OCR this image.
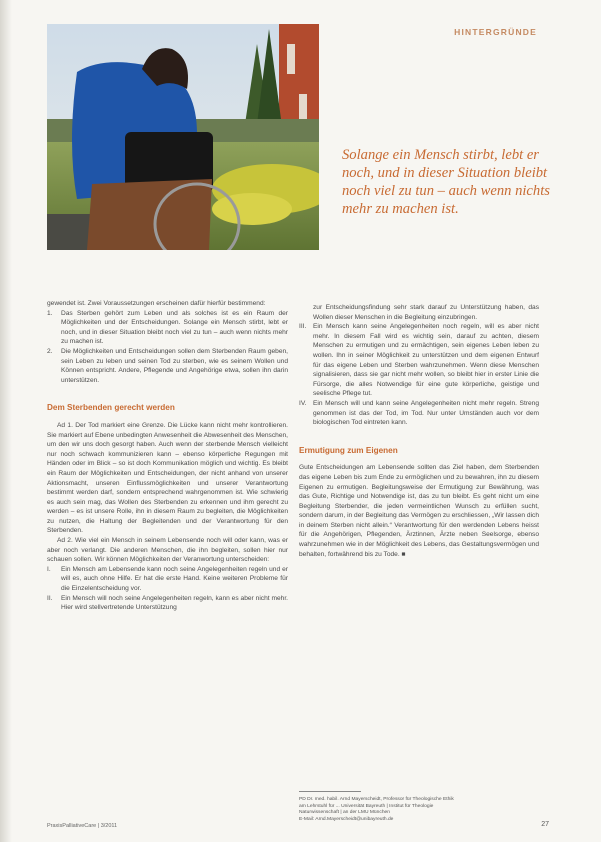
HINTERGRÜNDE
Solange ein Mensch stirbt, lebt er noch, und in dieser Situation bleibt noch viel zu tun – auch wenn nichts mehr zu machen ist.

gewendet ist. Zwei Voraussetzungen erscheinen dafür hierfür bestimmend:

1. Das Sterben gehört zum Leben und als solches ist es ein Raum der Möglichkeiten und der Entscheidungen. Solange ein Mensch stirbt, lebt er noch, und in dieser Situation bleibt noch viel zu tun – auch wenn nichts mehr zu machen ist.
2. Die Möglichkeiten und Entscheidungen sollen dem Sterbenden Raum geben, sein Leben zu leben und seinen Tod zu sterben, wie es seinem Wollen und Können entspricht. Andere, Pflegende und Angehörige etwa, sollen ihn darin unterstützen.
Dem Sterbenden gerecht werden

Ad 1. Der Tod markiert eine Grenze. Die Lücke kann nicht mehr kontrollieren. Sie markiert auf Ebene unbedingten Anwesenheit die Abwesenheit des Menschen, um den wir uns doch gesorgt haben. Auch wenn der sterbende Mensch vielleicht nur noch schwach kommunizieren kann – ebenso körperliche Regungen mit Händen oder im Blick – so ist doch Kommunikation möglich und wichtig. Es bleibt ein Raum der Möglichkeiten und Entscheidungen, der nicht anhand von unserer Aktionsmacht, unseren Einflussmöglichkeiten und unserer Verantwortung bestimmt werden darf, sondern entsprechend wahrgenommen ist. Wie schwierig es auch sein mag, das Wollen des Sterbenden zu erkennen und ihm gerecht zu werden – es ist unsere Rolle, ihn in diesem Raum zu begleiten, die Möglichkeiten zu nutzen, die Haltung der Begleitenden und der Verantwortung für den Sterbenden.

Ad 2. Wie viel ein Mensch in seinem Lebensende noch will oder kann, was er aber noch verlangt. Die anderen Menschen, die ihn begleiten, sollen hier nur schauen sollen. Wir können Möglichkeiten der Veranwortung unterscheiden:

I. Ein Mensch am Lebensende kann noch seine Angelegenheiten regeln und er will es, auch ohne Hilfe. Er hat die erste Hand. Keine weiteren Probleme für die Einzelentscheidung vor.
II. Ein Mensch will noch seine Angelegenheiten regeln, kann es aber nicht mehr. Hier wird stellvertretende Unterstützung

zur Entscheidungsfindung sehr stark darauf zu Unterstützung haben, das Wollen dieser Menschen in die Begleitung einzubringen.

III. Ein Mensch kann seine Angelegenheiten noch regeln, will es aber nicht mehr. In diesem Fall wird es wichtig sein, darauf zu achten, diesem Menschen zu ermutigen und zu ermächtigen, sein eigenes Leben leben zu wollen. Ihn in seiner Möglichkeit zu unterstützen und dem eigenen Entwurf für das eigene Leben und Sterben wahrzunehmen. Wenn diese Menschen signalisieren, dass sie gar nicht mehr wollen, so bleibt hier in erster Linie die Fürsorge, die alles Notwendige für eine gute körperliche, geistige und seelische Pflege tut.
IV. Ein Mensch will und kann seine Angelegenheiten nicht mehr regeln. Streng genommen ist das der Tod, im Tod. Nur unter Umständen auch vor dem biologischen Tod eintreten kann.
Ermutigung zum Eigenen

Gute Entscheidungen am Lebensende sollten das Ziel haben, dem Sterbenden das eigene Leben bis zum Ende zu ermöglichen und zu bewahren, ihn zu diesem Eigenen zu ermutigen. Begleitungsweise der Ermutigung zur Bewährung, was das Gute, Richtige und Notwendige ist, das zu tun bleibt. Es geht nicht um eine Begleitung Sterbender, die jeden vermeintlichen Wunsch zu erfüllen sucht, sondern darum, in der Begleitung das Vermögen zu erschliessen, „Wir lassen dich in deinem Sterben nicht allein.“ Verantwortung für den werdenden Lebens heisst für die Angehörigen, Pflegenden, Ärztinnen, Ärzte neben Seelsorge, ebenso wahrzunehmen wie in der Möglichkeit des Lebens, das Gestaltungsvermögen und behalten, fortwährend bis zu Tode. ■

PD Dr. med. habil. Arnd Mayerscheidt, Professor für Theologische Ethik
am Lehrstuhl für ... Universität Bayreuth | Institut für Theologie
Naturwissenschaft | an der LMU München
E-Mail: Arnd.Mayerscheidt@unibayreuth.de
PraxisPalliativeCare | 3/2011	27
